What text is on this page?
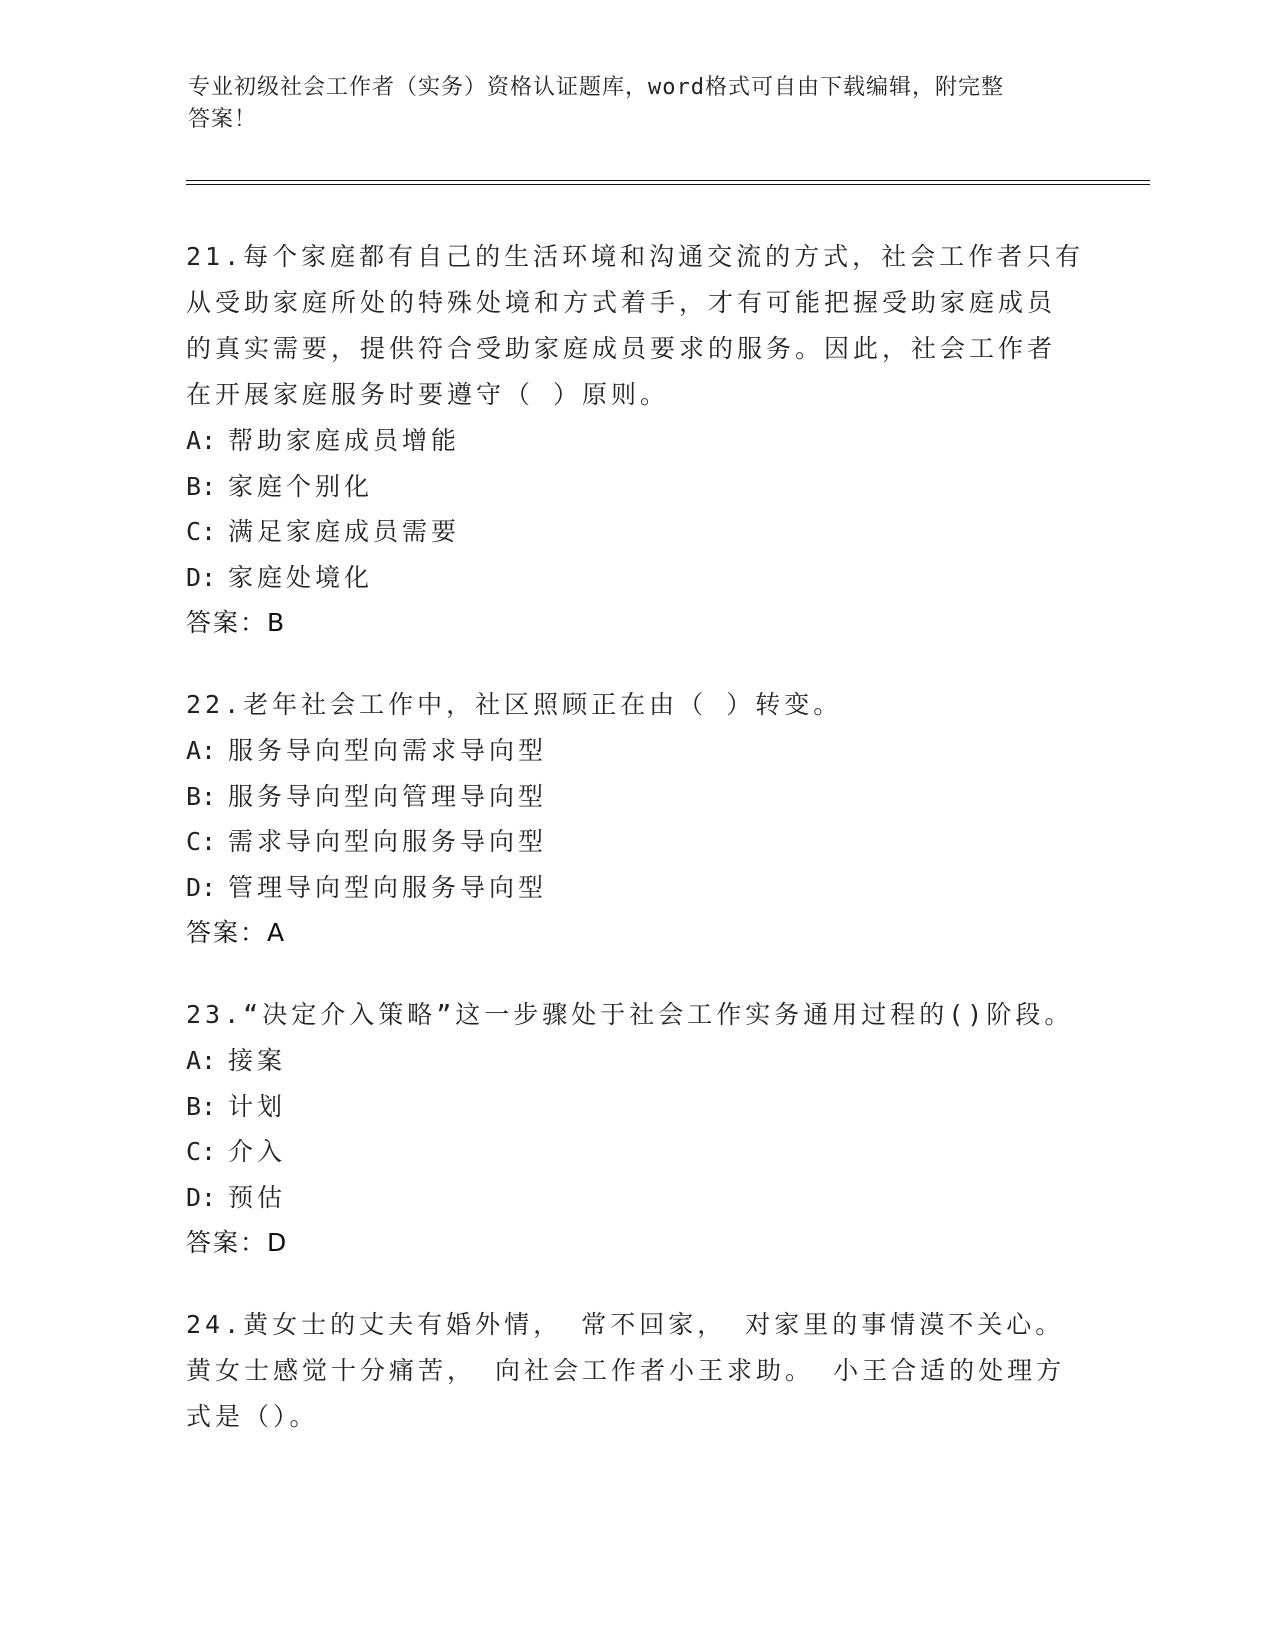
专业初级社会工作者（实务）资格认证题库，word格式可自由下载编辑，附完整
答案！

21.每个家庭都有自己的生活环境和沟通交流的方式，社会工作者只有

从受助家庭所处的特殊处境和方式着手，才有可能把握受助家庭成员

的真实需要，提供符合受助家庭成员要求的服务。因此，社会工作者

在开展家庭服务时要遵守（ ）原则。

A: 帮助家庭成员增能

B: 家庭个别化

C: 满足家庭成员需要

D: 家庭处境化

答案：B

22.老年社会工作中，社区照顾正在由（ ）转变。

A: 服务导向型向需求导向型

B: 服务导向型向管理导向型

C: 需求导向型向服务导向型

D: 管理导向型向服务导向型

答案：A

23.“决定介入策略”这一步骤处于社会工作实务通用过程的()阶段。

A: 接案

B: 计划

C: 介入

D: 预估

答案：D

24.黄女士的丈夫有婚外情， 常不回家， 对家里的事情漠不关心。

黄女士感觉十分痛苦， 向社会工作者小王求助。 小王合适的处理方

式是（）。
